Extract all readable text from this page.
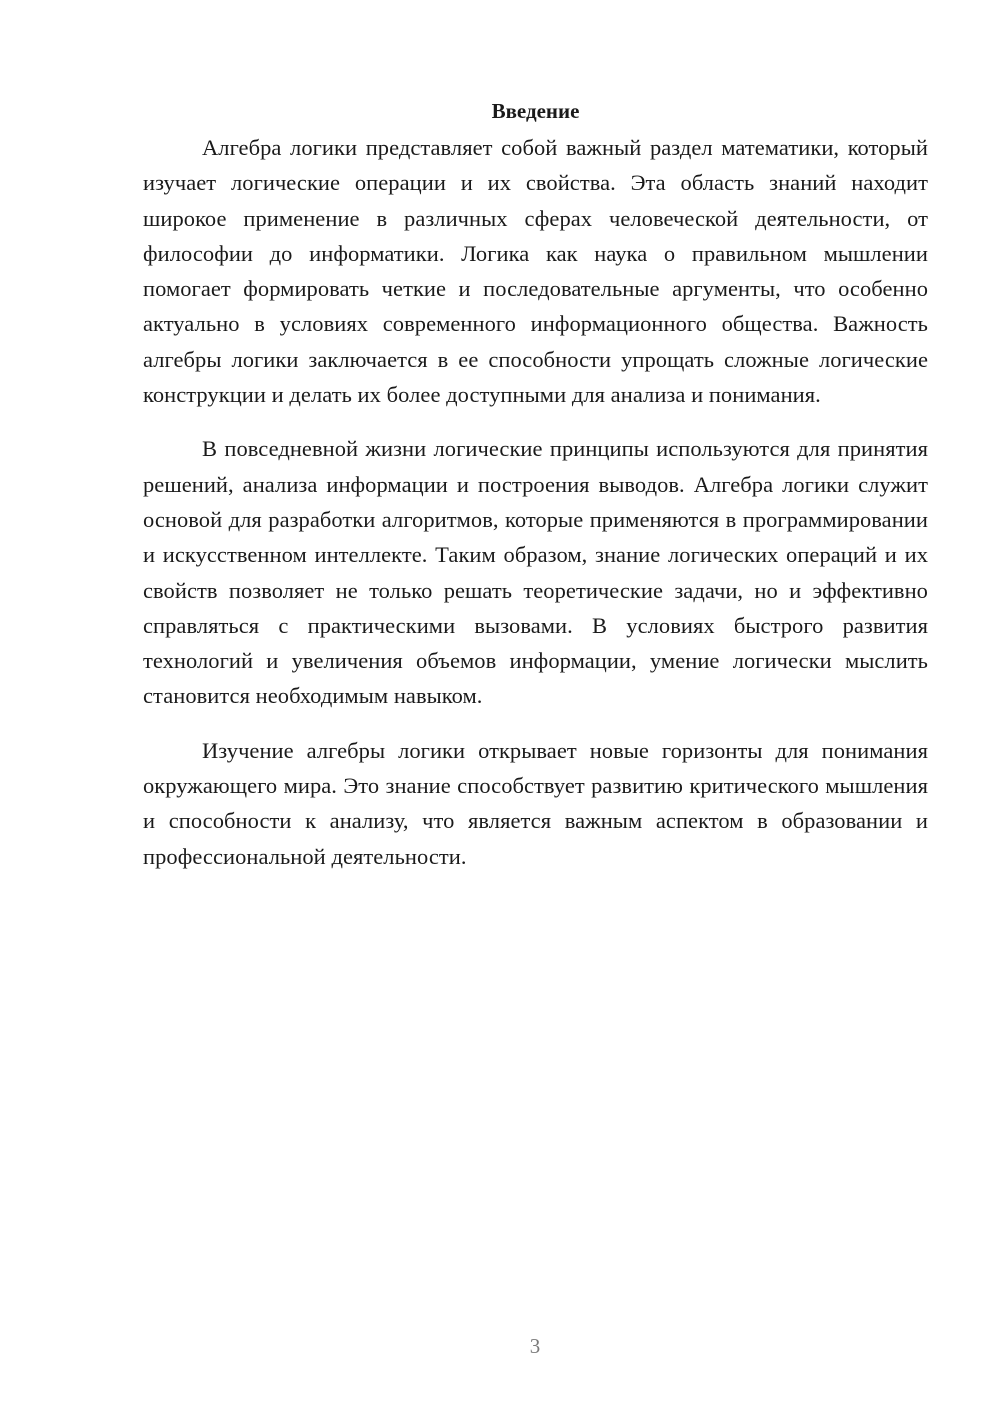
Введение

Алгебра логики представляет собой важный раздел математики, который изучает логические операции и их свойства. Эта область знаний находит широкое применение в различных сферах человеческой деятельности, от философии до информатики. Логика как наука о правильном мышлении помогает формировать четкие и последовательные аргументы, что особенно актуально в условиях современного информационного общества. Важность алгебры логики заключается в ее способности упрощать сложные логические конструкции и делать их более доступными для анализа и понимания.

В повседневной жизни логические принципы используются для принятия решений, анализа информации и построения выводов. Алгебра логики служит основой для разработки алгоритмов, которые применяются в программировании и искусственном интеллекте. Таким образом, знание логических операций и их свойств позволяет не только решать теоретические задачи, но и эффективно справляться с практическими вызовами. В условиях быстрого развития технологий и увеличения объемов информации, умение логически мыслить становится необходимым навыком.

Изучение алгебры логики открывает новые горизонты для понимания окружающего мира. Это знание способствует развитию критического мышления и способности к анализу, что является важным аспектом в образовании и профессиональной деятельности.

3
